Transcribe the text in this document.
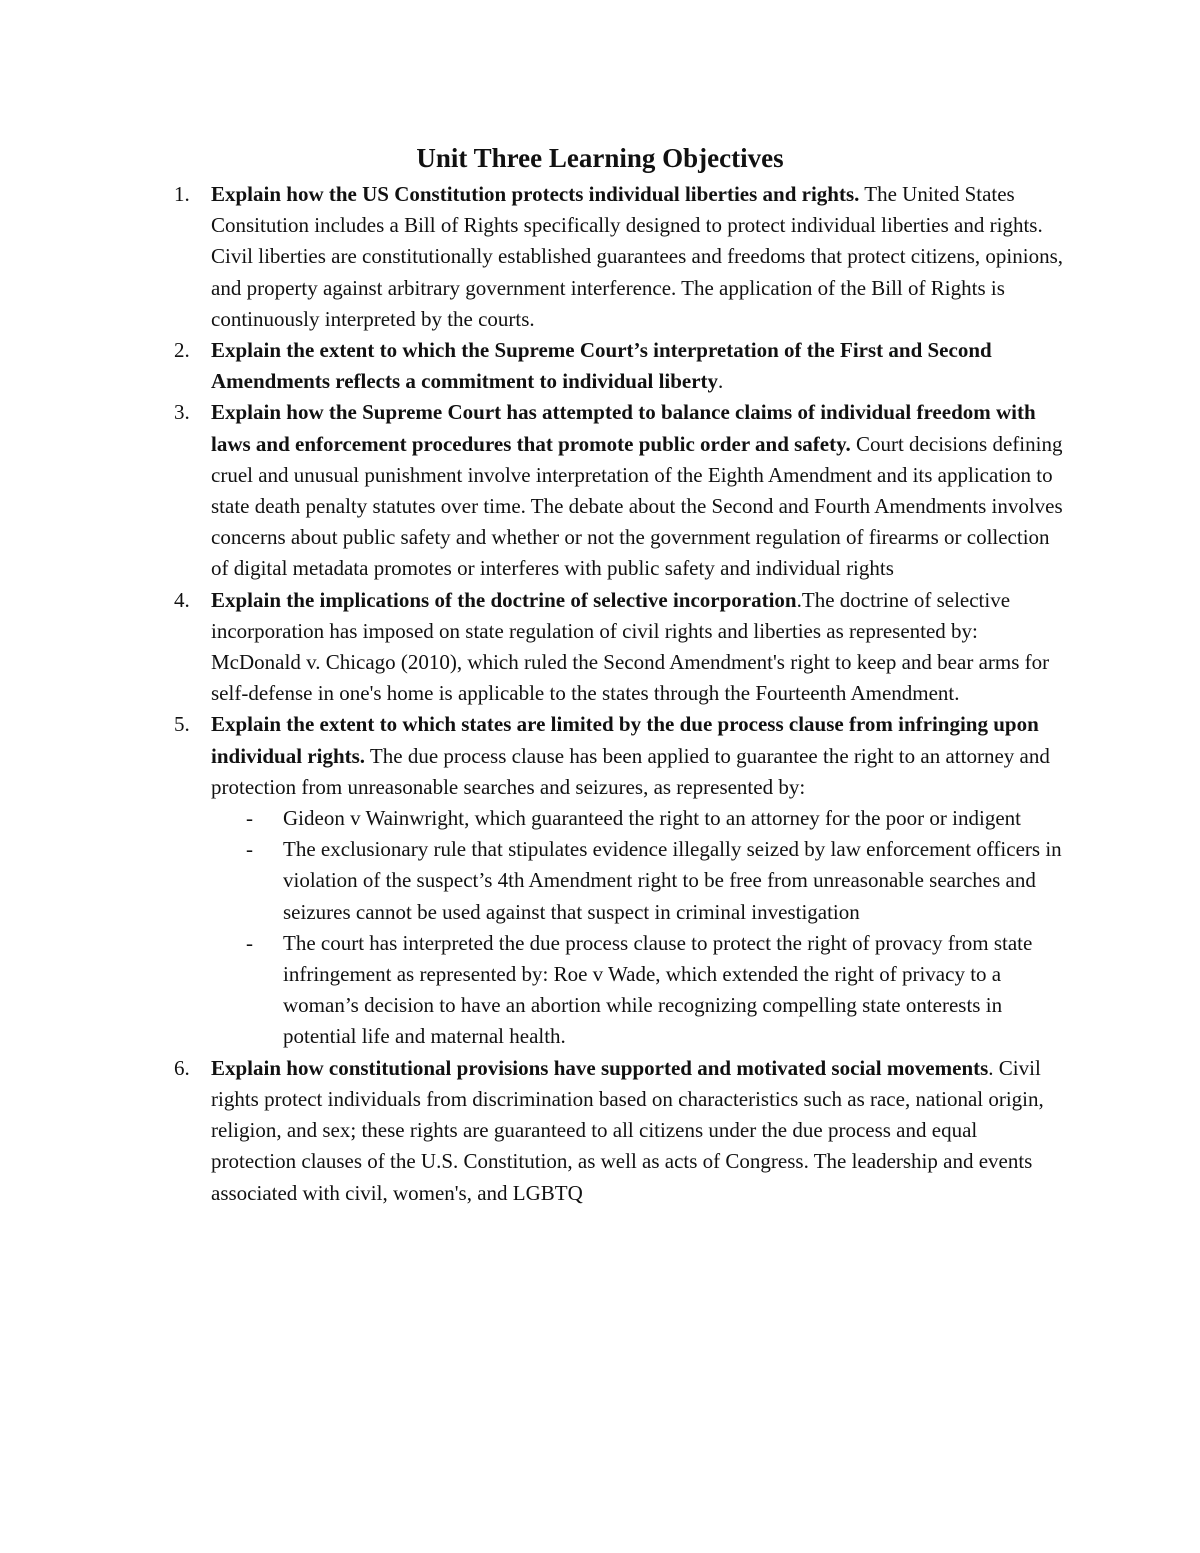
Unit Three Learning Objectives
1. Explain how the US Constitution protects individual liberties and rights. The United States Consitution includes a Bill of Rights specifically designed to protect individual liberties and rights. Civil liberties are constitutionally established guarantees and freedoms that protect citizens, opinions, and property against arbitrary government interference. The application of the Bill of Rights is continuously interpreted by the courts.
2. Explain the extent to which the Supreme Court’s interpretation of the First and Second Amendments reflects a commitment to individual liberty.
3. Explain how the Supreme Court has attempted to balance claims of individual freedom with laws and enforcement procedures that promote public order and safety. Court decisions defining cruel and unusual punishment involve interpretation of the Eighth Amendment and its application to state death penalty statutes over time. The debate about the Second and Fourth Amendments involves concerns about public safety and whether or not the government regulation of firearms or collection of digital metadata promotes or interferes with public safety and individual rights
4. Explain the implications of the doctrine of selective incorporation.The doctrine of selective incorporation has imposed on state regulation of civil rights and liberties as represented by: McDonald v. Chicago (2010), which ruled the Second Amendment's right to keep and bear arms for self-defense in one's home is applicable to the states through the Fourteenth Amendment.
5. Explain the extent to which states are limited by the due process clause from infringing upon individual rights. The due process clause has been applied to guarantee the right to an attorney and protection from unreasonable searches and seizures, as represented by:
- Gideon v Wainwright, which guaranteed the right to an attorney for the poor or indigent
- The exclusionary rule that stipulates evidence illegally seized by law enforcement officers in violation of the suspect’s 4th Amendment right to be free from unreasonable searches and seizures cannot be used against that suspect in criminal investigation
- The court has interpreted the due process clause to protect the right of provacy from state infringement as represented by: Roe v Wade, which extended the right of privacy to a woman’s decision to have an abortion while recognizing compelling state onterests in potential life and maternal health.
6. Explain how constitutional provisions have supported and motivated social movements. Civil rights protect individuals from discrimination based on characteristics such as race, national origin, religion, and sex; these rights are guaranteed to all citizens under the due process and equal protection clauses of the U.S. Constitution, as well as acts of Congress. The leadership and events associated with civil, women's, and LGBTQ
